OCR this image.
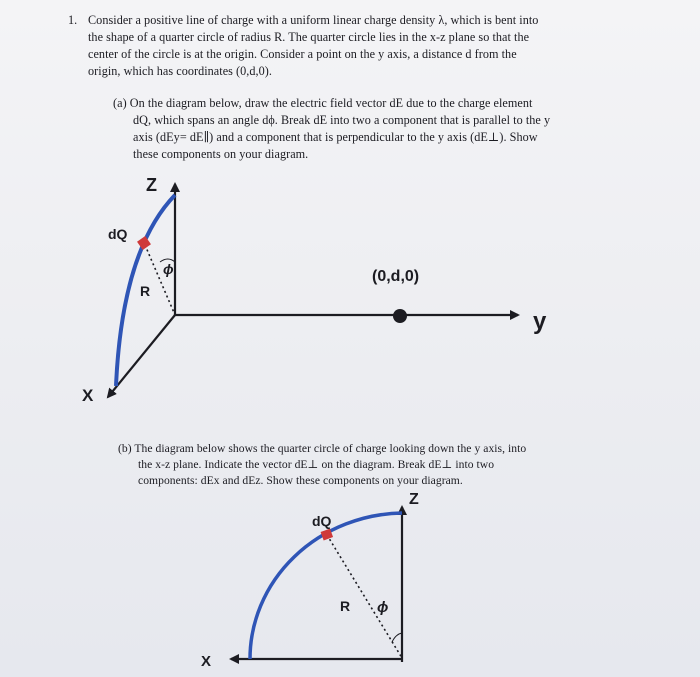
1. Consider a positive line of charge with a uniform linear charge density λ, which is bent into
the shape of a quarter circle of radius R. The quarter circle lies in the x-z plane so that the
center of the circle is at the origin. Consider a point on the y axis, a distance d from the
origin, which has coordinates (0,d,0).
(a) On the diagram below, draw the electric field vector dE due to the charge element
dQ, which spans an angle dϕ. Break dE into two a component that is parallel to the y
axis (dEy= dE∥) and a component that is perpendicular to the y axis (dE⊥). Show
these components on your diagram.
(b) The diagram below shows the quarter circle of charge looking down the y axis, into
the x-z plane. Indicate the vector dE⊥ on the diagram. Break dE⊥ into two
components: dEx and dEz. Show these components on your diagram.
Z
X
y
dQ
R
ϕ	(0,d,0)
Z
X
dQ
R ϕ
